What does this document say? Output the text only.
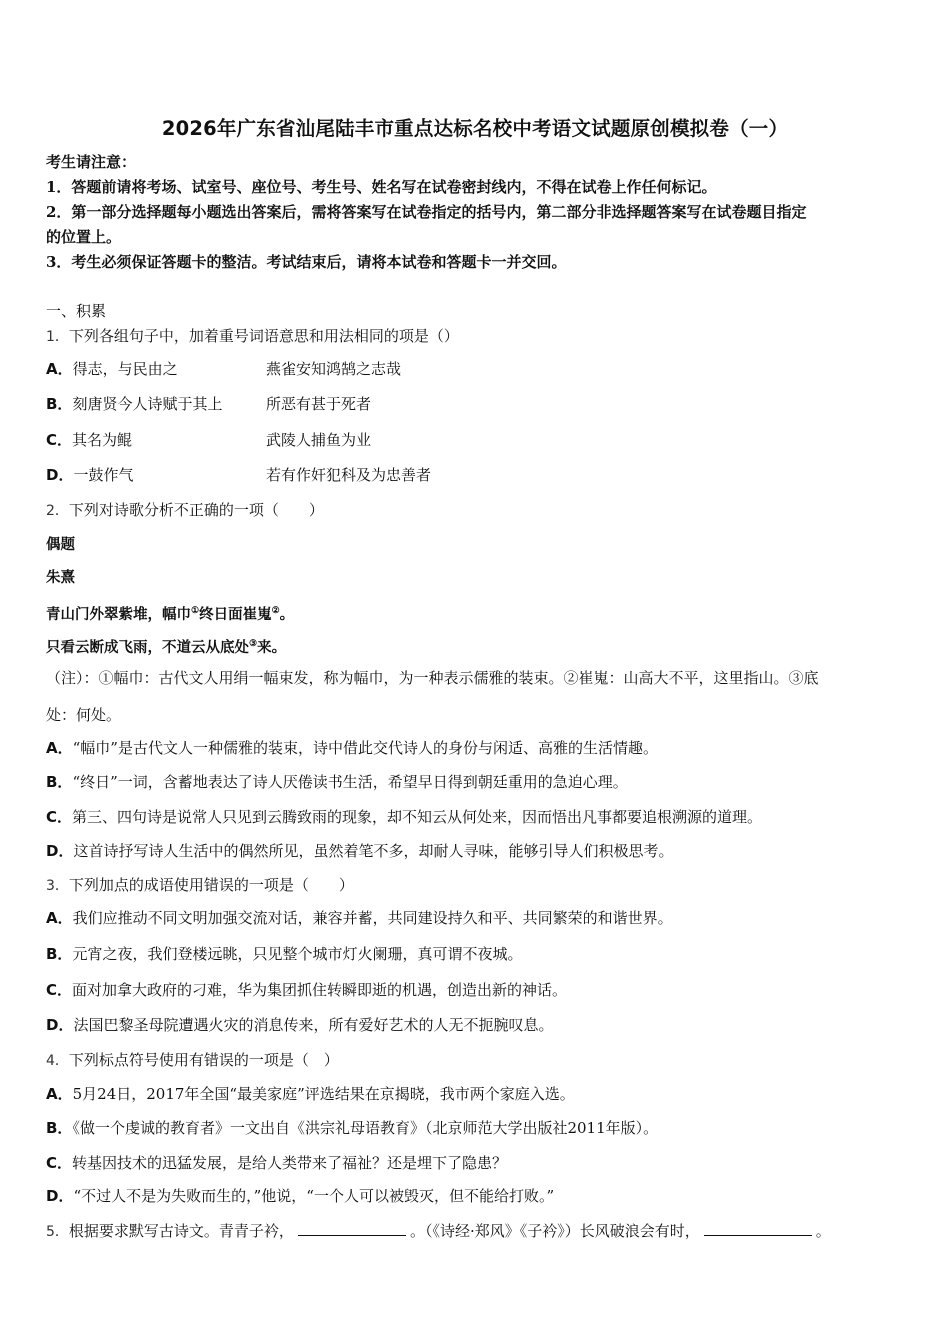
2026年广东省汕尾陆丰市重点达标名校中考语文试题原创模拟卷（一）
考生请注意：
1．答题前请将考场、试室号、座位号、考生号、姓名写在试卷密封线内，不得在试卷上作任何标记。
2．第一部分选择题每小题选出答案后，需将答案写在试卷指定的括号内，第二部分非选择题答案写在试卷题目指定
的位置上。
3．考生必须保证答题卡的整洁。考试结束后，请将本试卷和答题卡一并交回。
一、积累
1．下列各组句子中，加着重号词语意思和用法相同的项是（）
A．得志，与民由之	燕雀安知鸿鹄之志哉
B．刻唐贤今人诗赋于其上	所恶有甚于死者
C．其名为鲲	武陵人捕鱼为业
D．一鼓作气	若有作奸犯科及为忠善者
2．下列对诗歌分析不正确的一项（　　）
偶题
朱熹
青山门外翠紫堆，幅巾①终日面崔嵬②。
只看云断成飞雨，不道云从底处③来。
（注）：①幅巾：古代文人用绢一幅束发，称为幅巾，为一种表示儒雅的装束。②崔嵬：山高大不平，这里指山。③底
处：何处。
A．“幅巾”是古代文人一种儒雅的装束，诗中借此交代诗人的身份与闲适、高雅的生活情趣。
B．“终日”一词，含蓄地表达了诗人厌倦读书生活，希望早日得到朝廷重用的急迫心理。
C．第三、四句诗是说常人只见到云腾致雨的现象，却不知云从何处来，因而悟出凡事都要追根溯源的道理。
D．这首诗抒写诗人生活中的偶然所见，虽然着笔不多，却耐人寻味，能够引导人们积极思考。
3．下列加点的成语使用错误的一项是（　　）
A．我们应推动不同文明加强交流对话，兼容并蓄，共同建设持久和平、共同繁荣的和谐世界。
B．元宵之夜，我们登楼远眺，只见整个城市灯火阑珊，真可谓不夜城。
C．面对加拿大政府的刁难，华为集团抓住转瞬即逝的机遇，创造出新的神话。
D．法国巴黎圣母院遭遇火灾的消息传来，所有爱好艺术的人无不扼腕叹息。
4．下列标点符号使用有错误的一项是（　）
A．5月24日，2017年全国“最美家庭”评选结果在京揭晓，我市两个家庭入选。
B．《做一个虔诚的教育者》一文出自《洪宗礼母语教育》（北京师范大学出版社2011年版）。
C．转基因技术的迅猛发展，是给人类带来了福祉？还是埋下了隐患？
D．“不过人不是为失败而生的，”他说，“一个人可以被毁灭，但不能给打败。”
5．根据要求默写古诗文。青青子衿，	。（《诗经·郑风》《子衿》）长风破浪会有时，	。
